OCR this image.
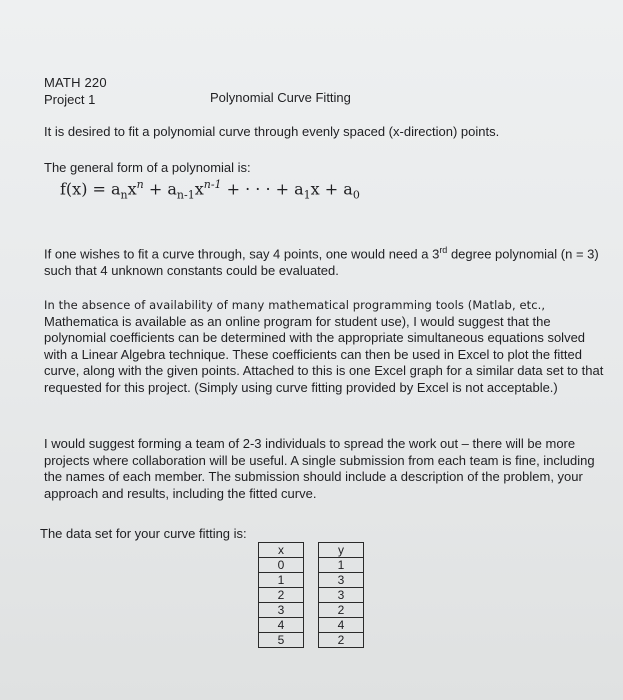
MATH 220
Project 1	Polynomial Curve Fitting
It is desired to fit a polynomial curve through evenly spaced (x-direction) points.
The general form of a polynomial is:
$f(x) = a_nx^n + a_{n-1}x^{n-1}$ + · · · + $a_1x + a_0$
If one wishes to fit a curve through, say 4 points, one would need a 3rd degree polynomial (n = 3) such that 4 unknown constants could be evaluated.
In the absence of availability of many mathematical programming tools (Matlab, etc., Mathematica is available as an online program for student use), I would suggest that the polynomial coefficients can be determined with the appropriate simultaneous equations solved with a Linear Algebra technique. These coefficients can then be used in Excel to plot the fitted curve, along with the given points. Attached to this is one Excel graph for a similar data set to that requested for this project. (Simply using curve fitting provided by Excel is not acceptable.)
I would suggest forming a team of 2-3 individuals to spread the work out – there will be more projects where collaboration will be useful. A single submission from each team is fine, including the names of each member. The submission should include a description of the problem, your approach and results, including the fitted curve.
The data set for your curve fitting is:
x		y
0		1
1		3
2		3
3		2
4		4
5		2
